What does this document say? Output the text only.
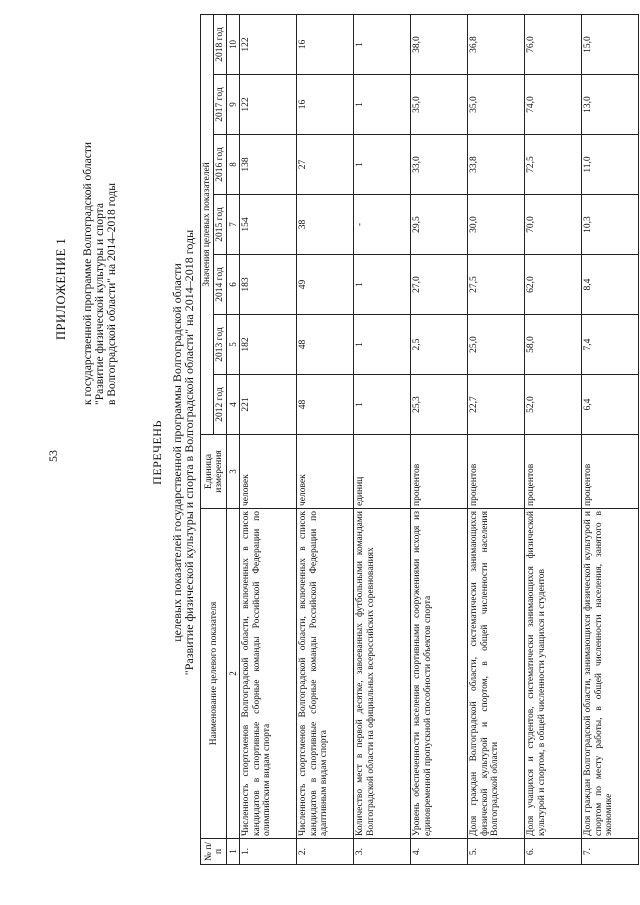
53
ПРИЛОЖЕНИЕ 1 к государственной программе Волгоградской области "Развитие физической культуры и спорта в Волгоградской области" на 2014–2018 годы
ПЕРЕЧЕНЬ целевых показателей государственной программы Волгоградской области
"Развитие физической культуры и спорта в Волгоградской области" на 2014–2018 годы
№ п/п	Наименование целевого показателя	Единица измерения	Значения целевых показателей						
			2012 год	2013 год	2014 год	2015 год	2016 год	2017 год	2018 год
1	2	3	4	5	6	7	8	9	10
1.	Численность спортсменов Волгоградской области, включенных в список кандидатов в спортивные сборные команды Российской Федерации по олимпийским видам спорта	человек	221	182	183	154	138	122	122
2.	Численность спортсменов Волгоградской области, включенных в список кандидатов в спортивные сборные команды Российской Федерации по адаптивным видам спорта	человек	48	48	49	38	27	16	16
3.	Количество мест в первой десятке, завоеванных футбольными командами Волгоградской области на официальных всероссийских соревнованиях	единиц	1	1	1	-	1	1	1
4.	Уровень обеспеченности населения спортивными сооружениями исходя из единовременной пропускной способности объектов спорта	процентов	25,3	2,5	27,0	29,5	33,0	35,0	38,0
5.	Доля граждан Волгоградской области, систематически занимающихся физической культурой и спортом, в общей численности населения Волгоградской области	процентов	22,7	25,0	27,5	30,0	33,8	35,0	36,8
6.	Доля учащихся и студентов, систематически занимающихся физической культурой и спортом, в общей численности учащихся и студентов	процентов	52,0	58,0	62,0	70,0	72,5	74,0	76,0
7.	Доля граждан Волгоградской области, занимающихся физической культурой и спортом по месту работы, в общей численности населения, занятого в экономике	процентов	6,4	7,4	8,4	10,3	11,0	13,0	15,0
